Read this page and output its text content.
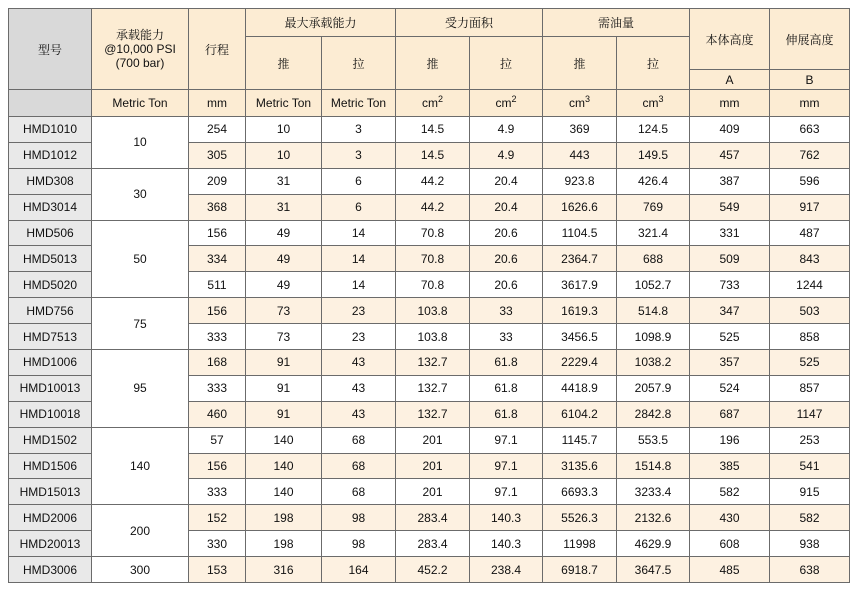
型号	承载能力
@10,000 PSI
(700 bar)	行程	最大承载能力		受力面积		需油量		本体高度	伸展高度
			推	拉	推	拉	推	拉		
									A	B
	Metric Ton	mm	Metric Ton	Metric Ton	$cm^2$	$cm^2$	$cm^3$	$cm^3$	mm	mm
HMD1010	10	254	10	3	14.5	4.9	369	124.5	409	663
HMD1012		305	10	3	14.5	4.9	443	149.5	457	762
HMD308	30	209	31	6	44.2	20.4	923.8	426.4	387	596
HMD3014		368	31	6	44.2	20.4	1626.6	769	549	917
HMD506	50	156	49	14	70.8	20.6	1104.5	321.4	331	487
HMD5013		334	49	14	70.8	20.6	2364.7	688	509	843
HMD5020		511	49	14	70.8	20.6	3617.9	1052.7	733	1244
HMD756	75	156	73	23	103.8	33	1619.3	514.8	347	503
HMD7513		333	73	23	103.8	33	3456.5	1098.9	525	858
HMD1006	95	168	91	43	132.7	61.8	2229.4	1038.2	357	525
HMD10013		333	91	43	132.7	61.8	4418.9	2057.9	524	857
HMD10018		460	91	43	132.7	61.8	6104.2	2842.8	687	1147
HMD1502	140	57	140	68	201	97.1	1145.7	553.5	196	253
HMD1506		156	140	68	201	97.1	3135.6	1514.8	385	541
HMD15013		333	140	68	201	97.1	6693.3	3233.4	582	915
HMD2006	200	152	198	98	283.4	140.3	5526.3	2132.6	430	582
HMD20013		330	198	98	283.4	140.3	11998	4629.9	608	938
HMD3006	300	153	316	164	452.2	238.4	6918.7	3647.5	485	638
